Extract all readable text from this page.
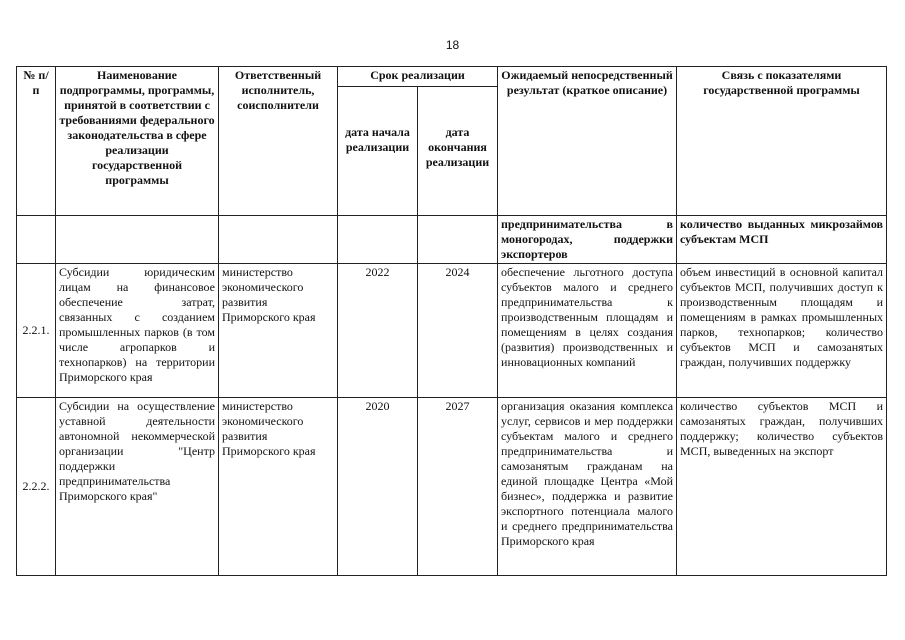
18
№ п/п	Наименование подпрограммы, программы, принятой в соответствии с требованиями федерального законодательства в сфере реализации государственной программы	Ответственный исполнитель, соисполнители	Срок реализации		Ожидаемый непосредственный результат (краткое описание)	Связь с показателями государственной программы
			дата начала реализации	дата окончания реализации		
					предпринимательства в моногородах, поддержки экспортеров	количество выданных микрозаймов субъектам МСП
2.2.1.	Субсидии юридическим лицам на финансовое обеспечение затрат, связанных с созданием промышленных парков (в том числе агропарков и технопарков) на территории Приморского края	министерство экономического развития Приморского края	2022	2024	обеспечение льготного доступа субъектов малого и среднего предпринимательства к производственным площадям и помещениям в целях создания (развития) производственных и инновационных компаний	объем инвестиций в основной капитал субъектов МСП, получивших доступ к производственным площадям и помещениям в рамках промышленных парков, технопарков; количество субъектов МСП и самозанятых граждан, получивших поддержку
2.2.2.	Субсидии на осуществление уставной деятельности автономной некоммерческой организации "Центр поддержки предпринимательства Приморского края"	министерство экономического развития Приморского края	2020	2027	организация оказания комплекса услуг, сервисов и мер поддержки субъектам малого и среднего предпринимательства и самозанятым гражданам на единой площадке Центра «Мой бизнес», поддержка и развитие экспортного потенциала малого и среднего предпринимательства Приморского края	количество субъектов МСП и самозанятых граждан, получивших поддержку; количество субъектов МСП, выведенных на экспорт
